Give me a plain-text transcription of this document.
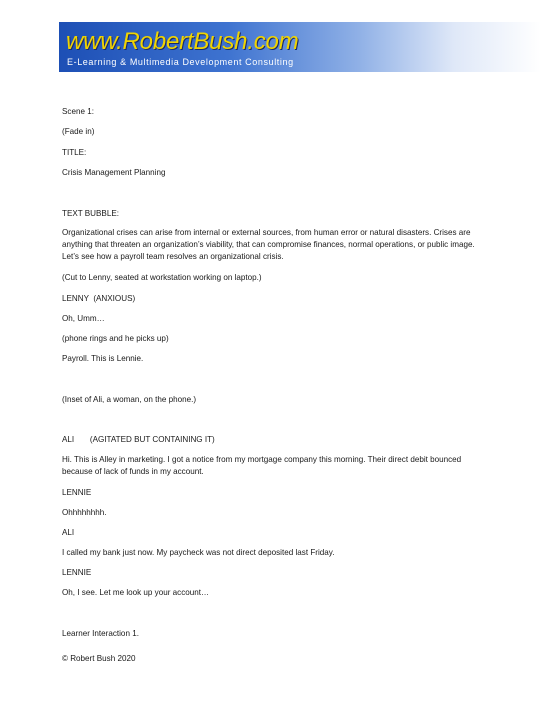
www.RobertBush.com
E-Learning & Multimedia Development Consulting

Scene 1:

(Fade in)

TITLE:

Crisis Management Planning

TEXT BUBBLE:

Organizational crises can arise from internal or external sources, from human error or natural disasters. Crises are anything that threaten an organization’s viability, that can compromise finances, normal operations, or public image. Let’s see how a payroll team resolves an organizational crisis.

(Cut to Lenny, seated at workstation working on laptop.)

LENNY  (ANXIOUS)

Oh, Umm…

(phone rings and he picks up)

Payroll. This is Lennie.

(Inset of Ali, a woman, on the phone.)

ALI       (AGITATED BUT CONTAINING IT)

Hi. This is Alley in marketing. I got a notice from my mortgage company this morning. Their direct debit bounced because of lack of funds in my account.

LENNIE

Ohhhhhhhh.

ALI

I called my bank just now. My paycheck was not direct deposited last Friday.

LENNIE

Oh, I see. Let me look up your account…

Learner Interaction 1.

© Robert Bush 2020
